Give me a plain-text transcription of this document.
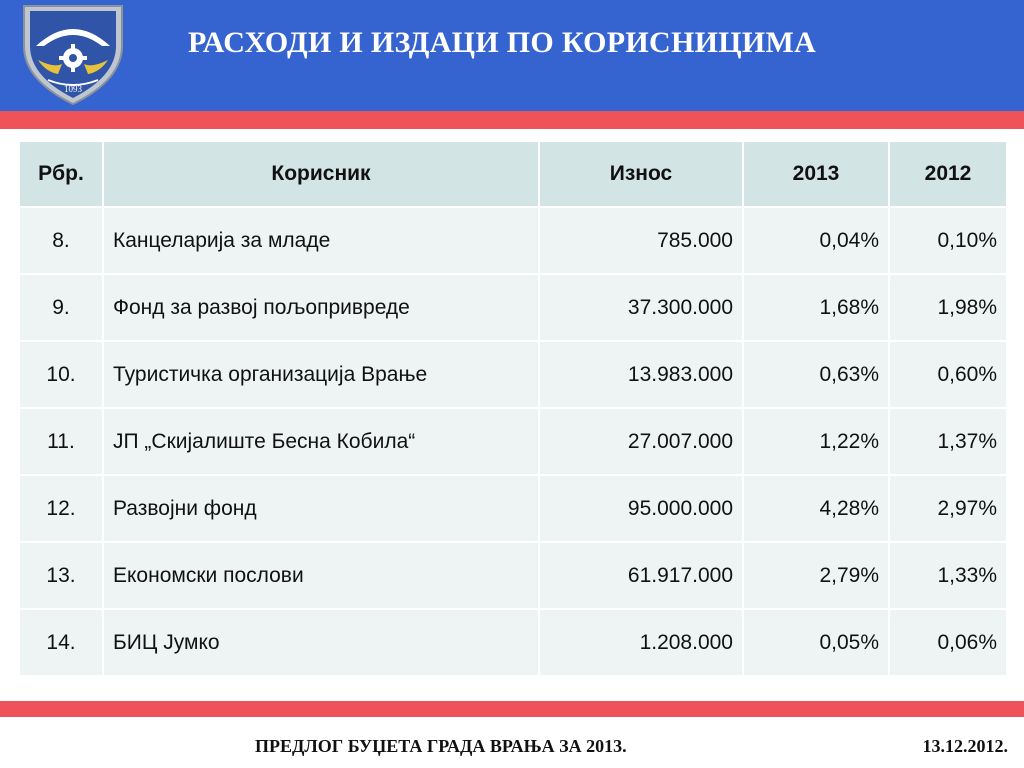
1093
РАСХОДИ И ИЗДАЦИ ПО КОРИСНИЦИМА
Рбр.	Корисник	Износ	2013	2012
8.	Канцеларија за младе	785.000	0,04%	0,10%
9.	Фонд за развој пољопривреде	37.300.000	1,68%	1,98%
10.	Туристичка организација Врање	13.983.000	0,63%	0,60%
11.	ЈП „Скијалиште Бесна Кобила“	27.007.000	1,22%	1,37%
12.	Развојни фонд	95.000.000	4,28%	2,97%
13.	Економски послови	61.917.000	2,79%	1,33%
14.	БИЦ Јумко	1.208.000	0,05%	0,06%
ПРЕДЛОГ БУЏЕТА ГРАДА ВРАЊА ЗА 2013.	13.12.2012.
